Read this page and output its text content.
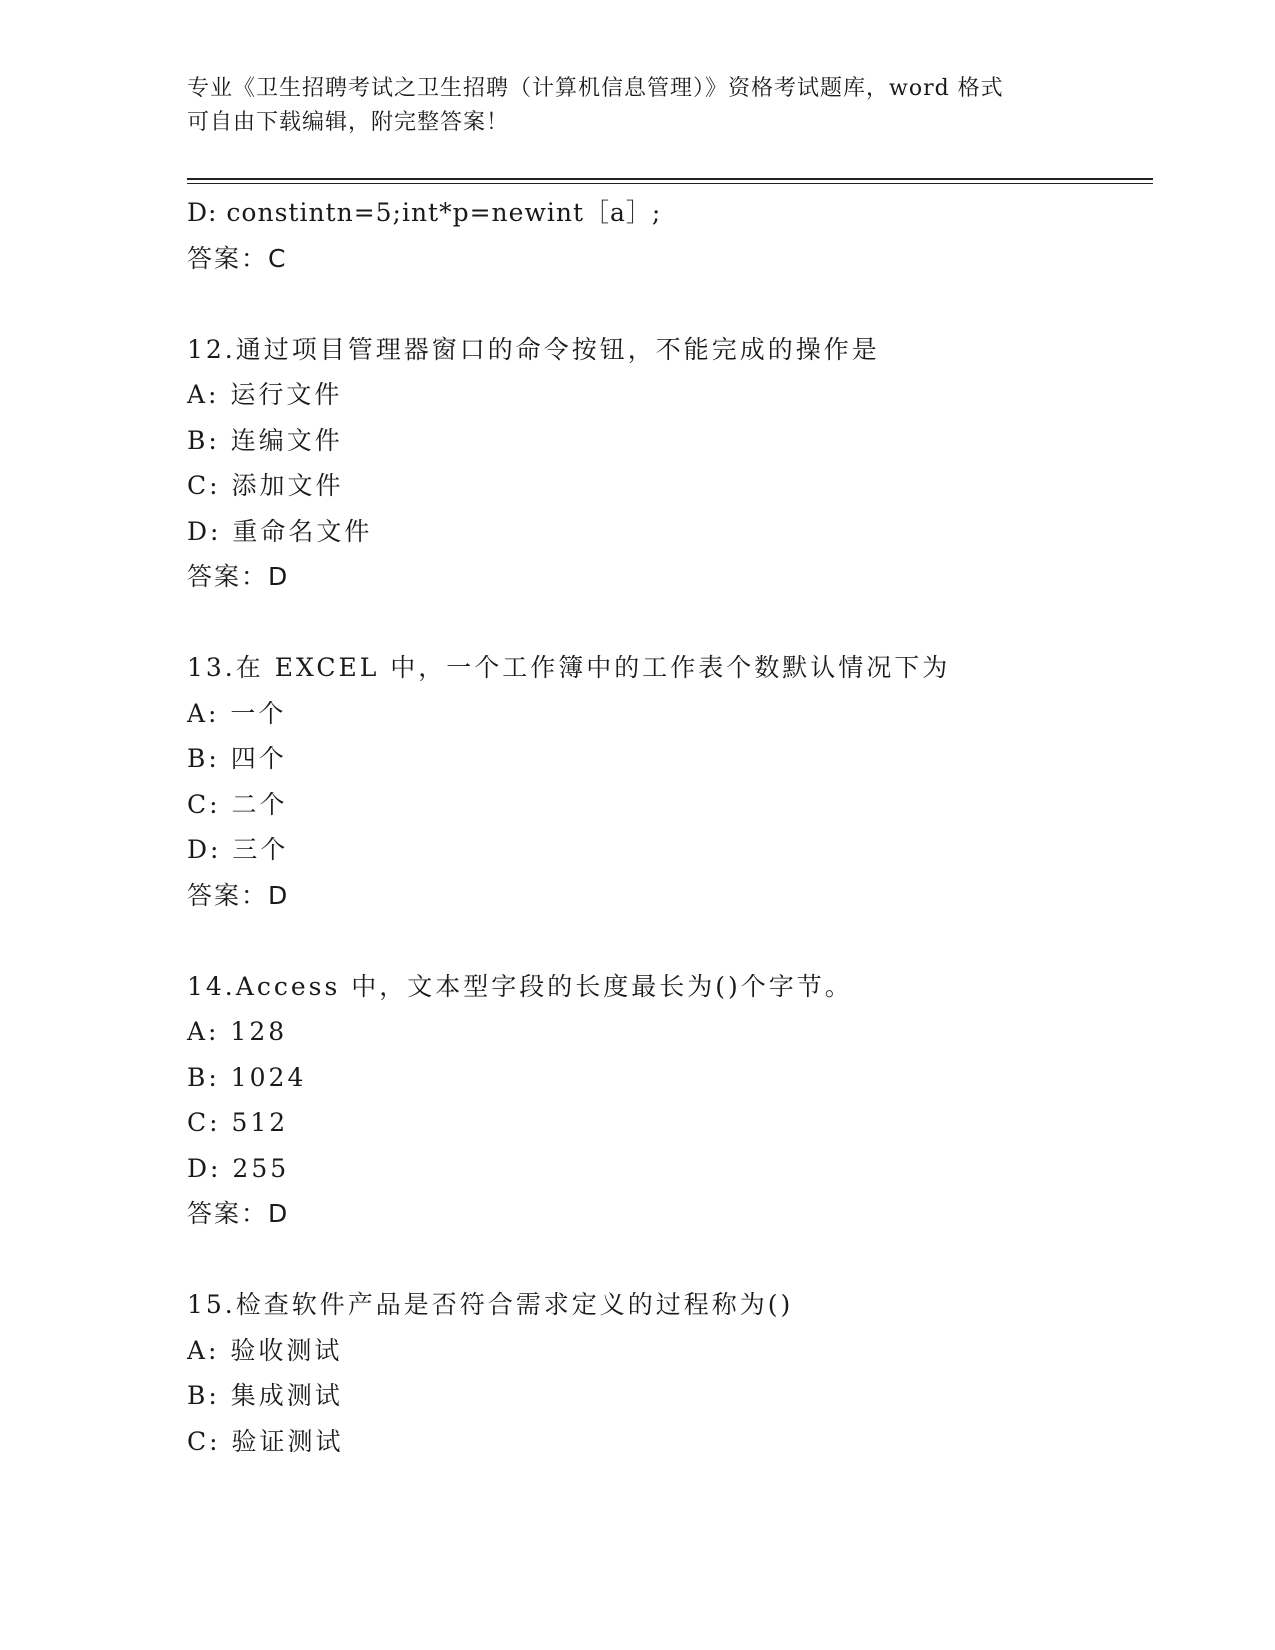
专业《卫生招聘考试之卫生招聘（计算机信息管理）》资格考试题库，word 格式
可自由下载编辑，附完整答案！
D: constintn=5;int*p=newint［a］;
答案：C
12.通过项目管理器窗口的命令按钮，不能完成的操作是
A: 运行文件
B: 连编文件
C: 添加文件
D: 重命名文件
答案：D
13.在 EXCEL 中，一个工作簿中的工作表个数默认情况下为
A: 一个
B: 四个
C: 二个
D: 三个
答案：D
14.Access 中，文本型字段的长度最长为()个字节。
A: 128
B: 1024
C: 512
D: 255
答案：D
15.检查软件产品是否符合需求定义的过程称为()
A: 验收测试
B: 集成测试
C: 验证测试
